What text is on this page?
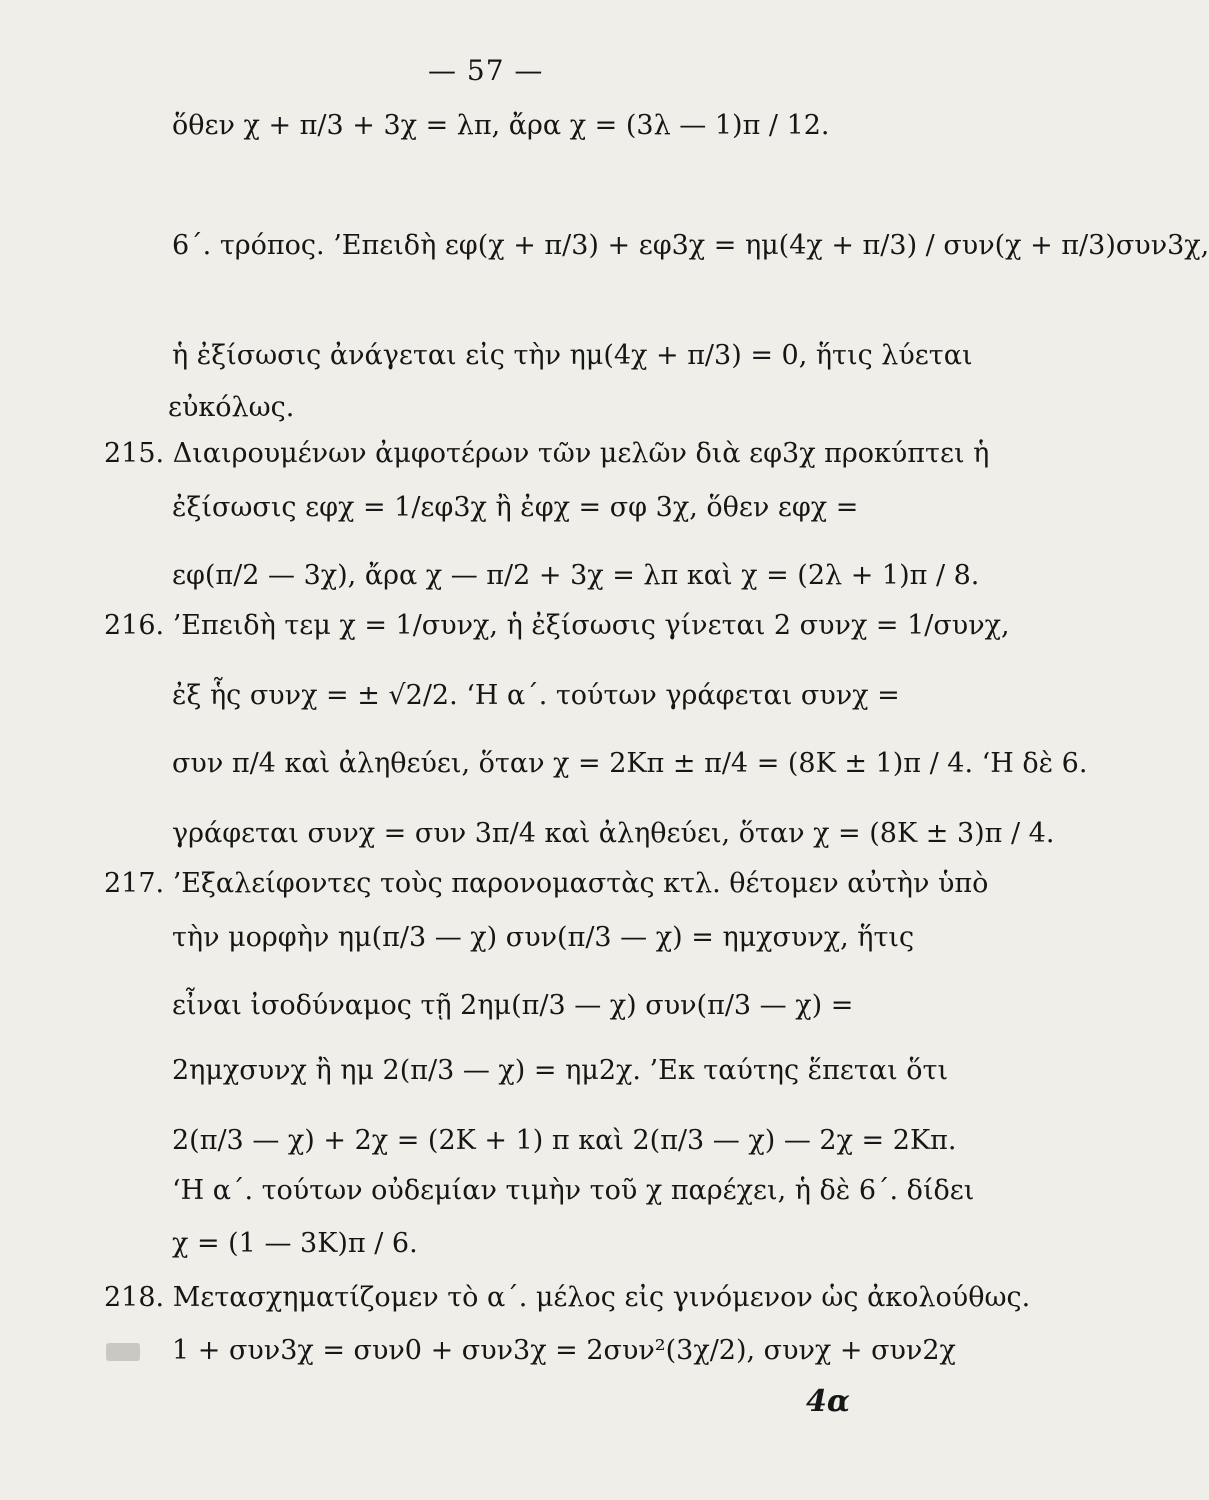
— 57 —
ὅθεν χ + π/3 + 3χ = λπ, ἄρα χ = (3λ — 1)π / 12.
6΄. τρόπος. ’Επειδὴ εφ(χ + π/3) + εφ3χ = ημ(4χ + π/3) / συν(χ + π/3)συν3χ,
ἡ ἐξίσωσις ἀνάγεται εἰς τὴν ημ(4χ + π/3) = 0, ἥτις λύεται
εὐκόλως.
215. Διαιρουμένων ἀμφοτέρων τῶν μελῶν διὰ εφ3χ προκύπτει ἡ
ἐξίσωσις εφχ = 1/εφ3χ ἢ ἐφχ = σφ 3χ, ὅθεν εφχ =
εφ(π/2 — 3χ), ἄρα χ — π/2 + 3χ = λπ καὶ χ = (2λ + 1)π / 8.
216. ’Επειδὴ τεμ χ = 1/συνχ, ἡ ἐξίσωσις γίνεται 2 συνχ = 1/συνχ,
ἐξ ἧς συνχ = ± √2/2. ‘Η α΄. τούτων γράφεται συνχ =
συν π/4 καὶ ἀληθεύει, ὅταν χ = 2Κπ ± π/4 = (8Κ ± 1)π / 4. ‘Η δὲ 6.
γράφεται συνχ = συν 3π/4 καὶ ἀληθεύει, ὅταν χ = (8Κ ± 3)π / 4.
217. ’Εξαλείφοντες τοὺς παρονομαστὰς κτλ. θέτομεν αὐτὴν ὑπὸ
τὴν μορφὴν ημ(π/3 — χ) συν(π/3 — χ) = ημχσυνχ, ἥτις
εἶναι ἰσοδύναμος τῇ 2ημ(π/3 — χ) συν(π/3 — χ) =
2ημχσυνχ ἢ ημ 2(π/3 — χ) = ημ2χ. ’Εκ ταύτης ἕπεται ὅτι
2(π/3 — χ) + 2χ = (2Κ + 1) π καὶ 2(π/3 — χ) — 2χ = 2Κπ.
‘Η α΄. τούτων οὐδεμίαν τιμὴν τοῦ χ παρέχει, ἡ δὲ 6΄. δίδει
χ = (1 — 3Κ)π / 6.
218. Μετασχηματίζομεν τὸ α΄. μέλος εἰς γινόμενον ὡς ἀκολούθως.
1 + συν3χ = συν0 + συν3χ = 2συν²(3χ/2), συνχ + συν2χ
4α
